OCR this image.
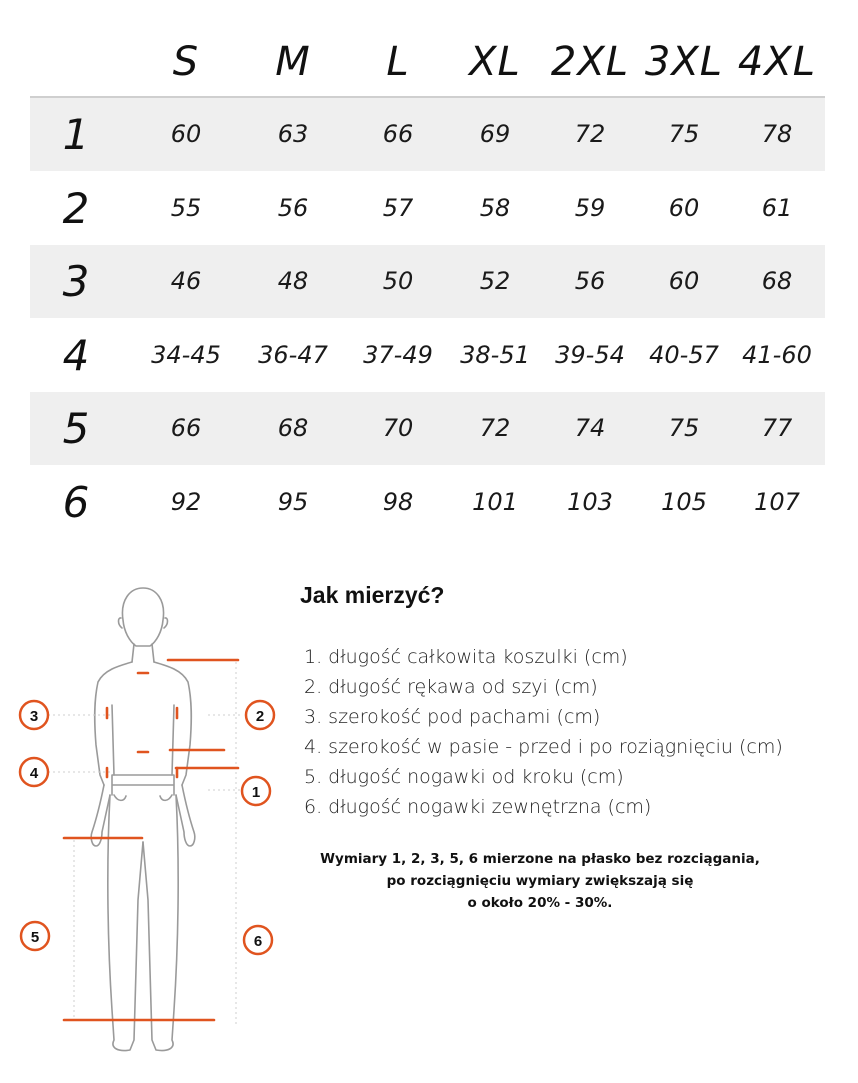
S	M	L	XL 2XL 3XL 4XL
1	60	63	66	69	72	75	78
2	55	56	57	58	59	60	61
3	46	48	50	52	56	60	68
4	34-45	36-47	37-49	38-51	39-54	40-57 41-60
5	66	68	70	72	74	75	77
6	92	95	98	101	103	105	107
3	2
4
1
5	6
Jak mierzyć?
1. długość całkowita koszulki (cm)
2. długość rękawa od szyi (cm)
3. szerokość pod pachami (cm)
4. szerokość w pasie - przed i po roziągnięciu (cm)
5. długość nogawki od kroku (cm)
6. długość nogawki zewnętrzna (cm)
Wymiary 1, 2, 3, 5, 6 mierzone na płasko bez rozciągania,
po rozciągnięciu wymiary zwiększają się
o około 20% - 30%.
